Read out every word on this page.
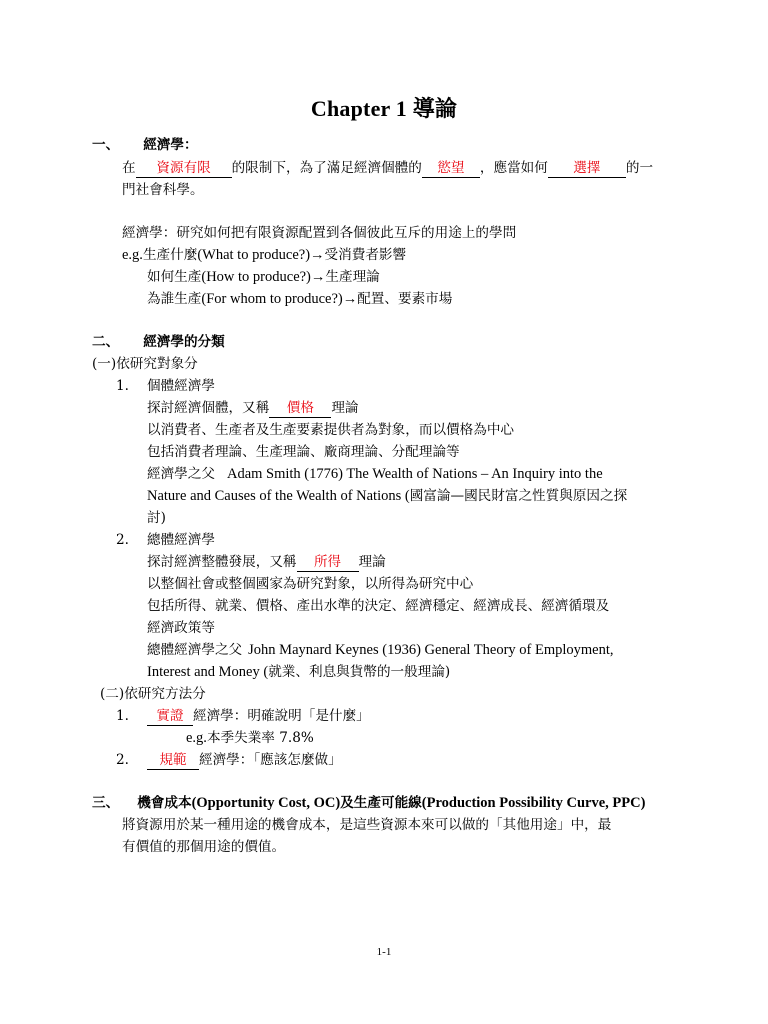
Chapter 1 導論
一、 經濟學：
在 資源有限 的限制下，為了滿足經濟個體的 慾望 ，應當如何 選擇 的一
門社會科學。
經濟學：研究如何把有限資源配置到各個彼此互斥的用途上的學問
e.g.生產什麼(What to produce?)→受消費者影響
如何生產(How to produce?)→生產理論
為誰生產(For whom to produce?)→配置、要素市場
二、 經濟學的分類
(一)依研究對象分
1. 個體經濟學
探討經濟個體，又稱 價格 理論
以消費者、生產者及生產要素提供者為對象，而以價格為中心
包括消費者理論、生產理論、廠商理論、分配理論等
經濟學之父 Adam Smith (1776) The Wealth of Nations – An Inquiry into the
Nature and Causes of the Wealth of Nations (國富論—國民財富之性質與原因之探
討)
2. 總體經濟學
探討經濟整體發展，又稱 所得 理論
以整個社會或整個國家為研究對象，以所得為研究中心
包括所得、就業、價格、產出水準的決定、經濟穩定、經濟成長、經濟循環及
經濟政策等
總體經濟學之父 John Maynard Keynes (1936) General Theory of Employment,
Interest and Money (就業、利息與貨幣的一般理論)
(二)依研究方法分
1.	實證 經濟學：明確說明「是什麼」
e.g.本季失業率 7.8%
2.	規範 經濟學：「應該怎麼做」
三、 機會成本(Opportunity Cost, OC)及生產可能線(Production Possibility Curve, PPC)
將資源用於某一種用途的機會成本，是這些資源本來可以做的「其他用途」中，最
有價值的那個用途的價值。
1-1
